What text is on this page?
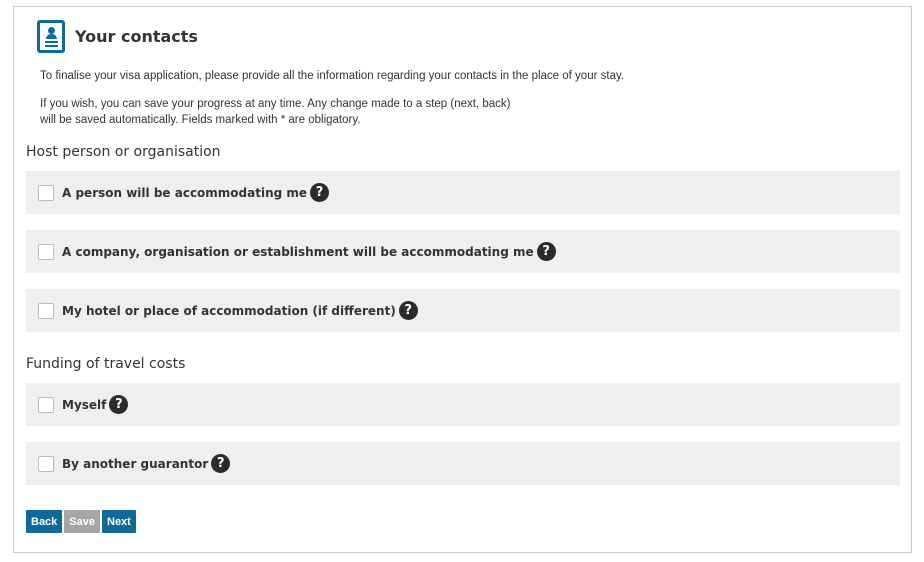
Your contacts
To finalise your visa application, please provide all the information regarding your contacts in the place of your stay.
If you wish, you can save your progress at any time. Any change made to a step (next, back)
will be saved automatically. Fields marked with * are obligatory.
Host person or organisation
A person will be accommodating me ?
A company, organisation or establishment will be accommodating me ?
My hotel or place of accommodation (if different) ?
Funding of travel costs
Myself ?
By another guarantor ?
Back	Save	Next
